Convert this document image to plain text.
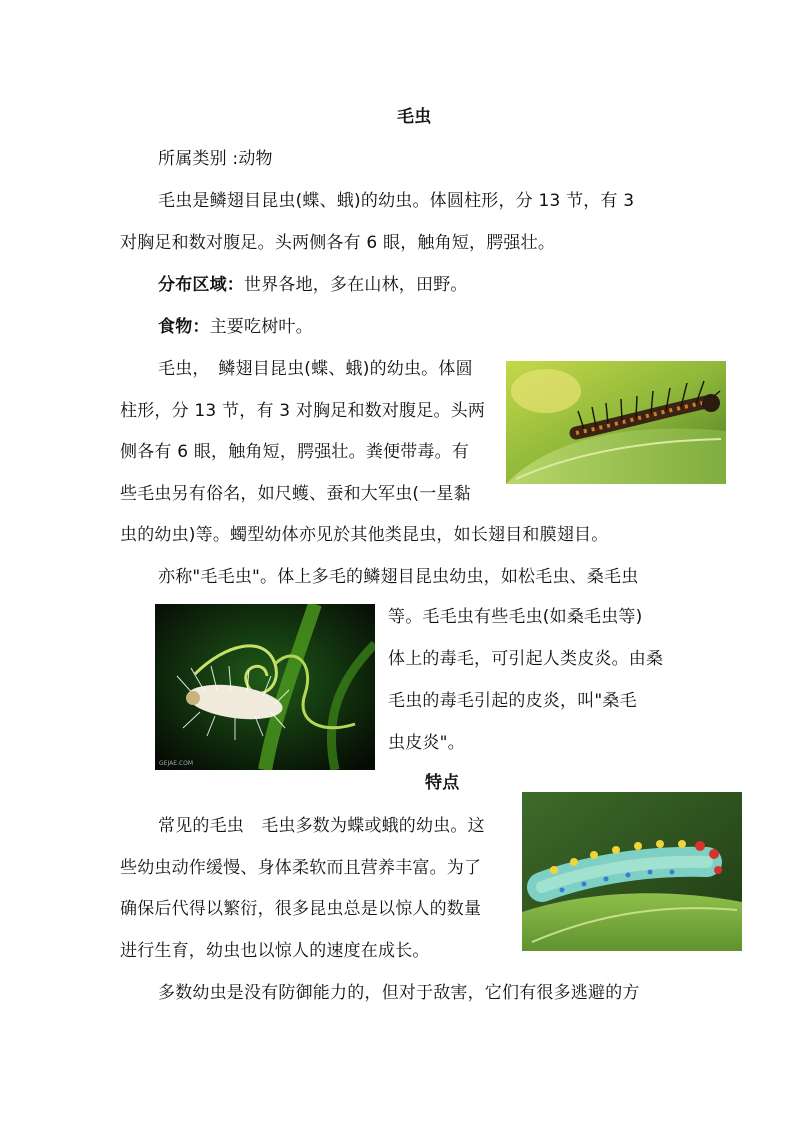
毛虫
所属类别 :动物
毛虫是鳞翅目昆虫(蝶、蛾)的幼虫。体圆柱形，分 13 节，有 3
对胸足和数对腹足。头两侧各有 6 眼，触角短，腭强壮。
分布区域：世界各地，多在山林，田野。
食物：主要吃树叶。
毛虫，　鳞翅目昆虫(蝶、蛾)的幼虫。体圆
柱形，分 13 节，有 3 对胸足和数对腹足。头两
侧各有 6 眼，触角短，腭强壮。粪便带毒。有
些毛虫另有俗名，如尺蠖、蚕和大军虫(一星黏
虫的幼虫)等。蠋型幼体亦见於其他类昆虫，如长翅目和膜翅目。
亦称"毛毛虫"。体上多毛的鳞翅目昆虫幼虫，如松毛虫、桑毛虫
等。毛毛虫有些毛虫(如桑毛虫等)
体上的毒毛，可引起人类皮炎。由桑
毛虫的毒毛引起的皮炎，叫"桑毛
虫皮炎"。
GEJAE.COM
特点
常见的毛虫　毛虫多数为蝶或蛾的幼虫。这
些幼虫动作缓慢、身体柔软而且营养丰富。为了
确保后代得以繁衍，很多昆虫总是以惊人的数量
进行生育，幼虫也以惊人的速度在成长。
多数幼虫是没有防御能力的，但对于敌害，它们有很多逃避的方
